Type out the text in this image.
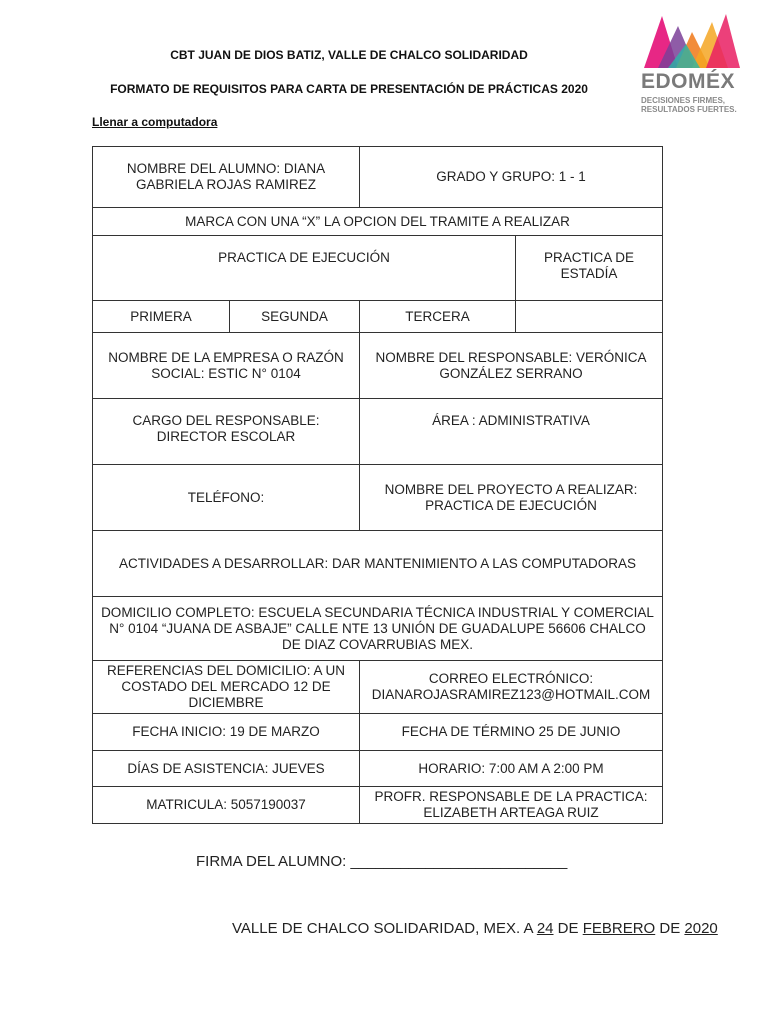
CBT JUAN DE DIOS BATIZ, VALLE DE CHALCO SOLIDARIDAD
FORMATO DE REQUISITOS PARA CARTA DE PRESENTACIÓN DE PRÁCTICAS 2020
Llenar a computadora
EDOMÉX
DECISIONES FIRMES,
RESULTADOS FUERTES.
NOMBRE DEL ALUMNO: DIANA GABRIELA ROJAS RAMIREZ		GRADO Y GRUPO: 1 - 1	
MARCA CON UNA “X” LA OPCION DEL TRAMITE A REALIZAR			
PRACTICA DE EJECUCIÓN			PRACTICA DE ESTADÍA
PRIMERA	SEGUNDA	TERCERA	
NOMBRE DE LA EMPRESA O RAZÓN SOCIAL: ESTIC N° 0104		NOMBRE DEL RESPONSABLE: VERÓNICA GONZÁLEZ SERRANO	
CARGO DEL RESPONSABLE: DIRECTOR ESCOLAR		ÁREA : ADMINISTRATIVA	
TELÉFONO:		NOMBRE DEL PROYECTO A REALIZAR: PRACTICA DE EJECUCIÓN	
ACTIVIDADES A DESARROLLAR: DAR MANTENIMIENTO A LAS COMPUTADORAS			
DOMICILIO COMPLETO: ESCUELA SECUNDARIA TÉCNICA INDUSTRIAL Y COMERCIAL N° 0104 “JUANA DE ASBAJE” CALLE NTE 13 UNIÓN DE GUADALUPE 56606 CHALCO DE DIAZ COVARRUBIAS MEX.			
REFERENCIAS DEL DOMICILIO: A UN COSTADO DEL MERCADO 12 DE DICIEMBRE		CORREO ELECTRÓNICO:
DIANAROJASRAMIREZ123@HOTMAIL.COM	

FECHA INICIO: 19 DE MARZO		FECHA DE TÉRMINO 25 DE JUNIO	
DÍAS DE ASISTENCIA: JUEVES		HORARIO: 7:00 AM A 2:00 PM	
MATRICULA: 5057190037		PROFR. RESPONSABLE DE LA PRACTICA: ELIZABETH ARTEAGA RUIZ	
FIRMA DEL ALUMNO: __________________________
VALLE DE CHALCO SOLIDARIDAD, MEX. A 24 DE FEBRERO DE 2020
